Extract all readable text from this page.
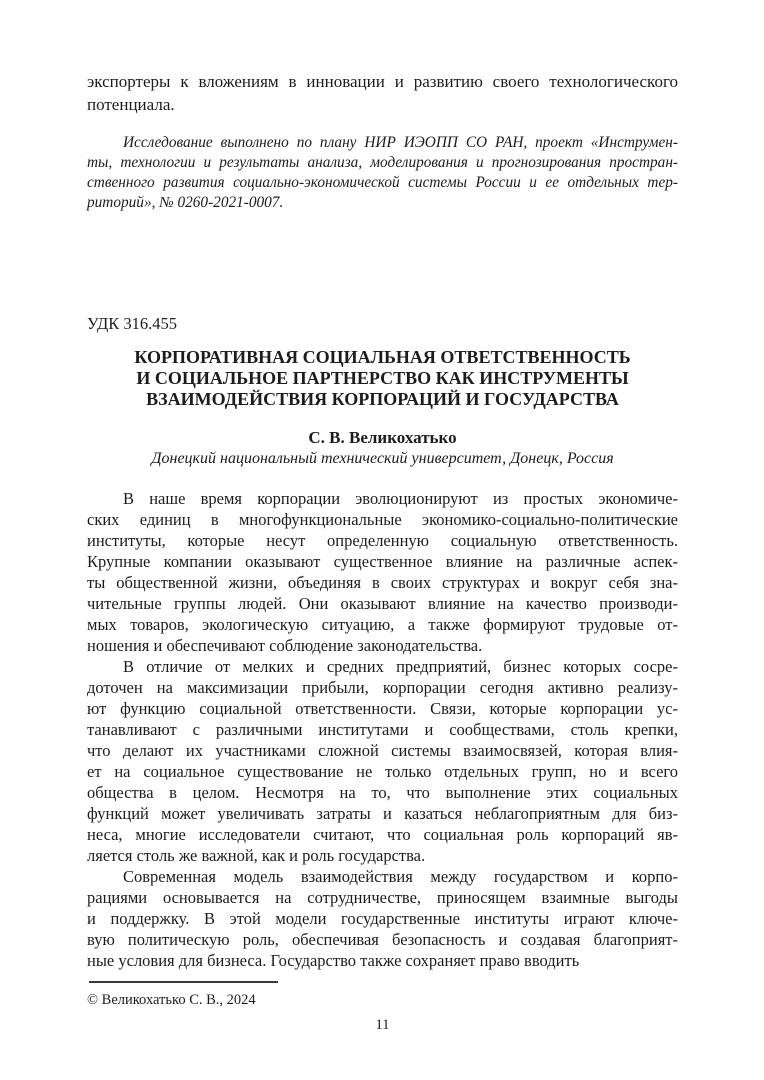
экспортеры к вложениям в инновации и развитию своего технологического
потенциала.
Исследование выполнено по плану НИР ИЭОПП СО РАН, проект «Инструмен-
ты, технологии и результаты анализа, моделирования и прогнозирования простран-
ственного развития социально-экономической системы России и ее отдельных тер-
риторий», № 0260-2021-0007.
УДК 316.455
КОРПОРАТИВНАЯ СОЦИАЛЬНАЯ ОТВЕТСТВЕННОСТЬ
И СОЦИАЛЬНОЕ ПАРТНЕРСТВО КАК ИНСТРУМЕНТЫ
ВЗАИМОДЕЙСТВИЯ КОРПОРАЦИЙ И ГОСУДАРСТВА
С. В. Великохатько
Донецкий национальный технический университет, Донецк, Россия
В наше время корпорации эволюционируют из простых экономиче-
ских единиц в многофункциональные экономико-социально-политические
институты, которые несут определенную социальную ответственность.
Крупные компании оказывают существенное влияние на различные аспек-
ты общественной жизни, объединяя в своих структурах и вокруг себя зна-
чительные группы людей. Они оказывают влияние на качество производи-
мых товаров, экологическую ситуацию, а также формируют трудовые от-
ношения и обеспечивают соблюдение законодательства.
В отличие от мелких и средних предприятий, бизнес которых сосре-
доточен на максимизации прибыли, корпорации сегодня активно реализу-
ют функцию социальной ответственности. Связи, которые корпорации ус-
танавливают с различными институтами и сообществами, столь крепки,
что делают их участниками сложной системы взаимосвязей, которая влия-
ет на социальное существование не только отдельных групп, но и всего
общества в целом. Несмотря на то, что выполнение этих социальных
функций может увеличивать затраты и казаться неблагоприятным для биз-
неса, многие исследователи считают, что социальная роль корпораций яв-
ляется столь же важной, как и роль государства.
Современная модель взаимодействия между государством и корпо-
рациями основывается на сотрудничестве, приносящем взаимные выгоды
и поддержку. В этой модели государственные институты играют ключе-
вую политическую роль, обеспечивая безопасность и создавая благоприят-
ные условия для бизнеса. Государство также сохраняет право вводить
© Великохатько С. В., 2024
11
